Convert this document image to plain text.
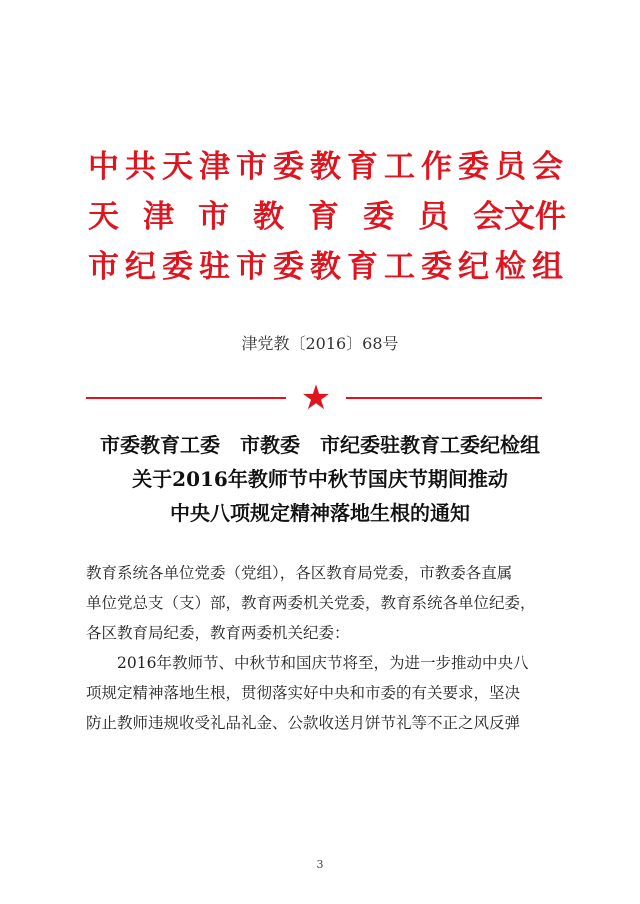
中共天津市委教育工作委员会
天 津 市 教 育 委 员 会文件
市纪委驻市委教育工委纪检组
津党教〔2016〕68号
★
市委教育工委　市教委　市纪委驻教育工委纪检组
关于2016年教师节中秋节国庆节期间推动
中央八项规定精神落地生根的通知
教育系统各单位党委（党组），各区教育局党委，市教委各直属
单位党总支（支）部，教育两委机关党委，教育系统各单位纪委，
各区教育局纪委，教育两委机关纪委：
2016年教师节、中秋节和国庆节将至，为进一步推动中央八
项规定精神落地生根，贯彻落实好中央和市委的有关要求，坚决
防止教师违规收受礼品礼金、公款收送月饼节礼等不正之风反弹
3
